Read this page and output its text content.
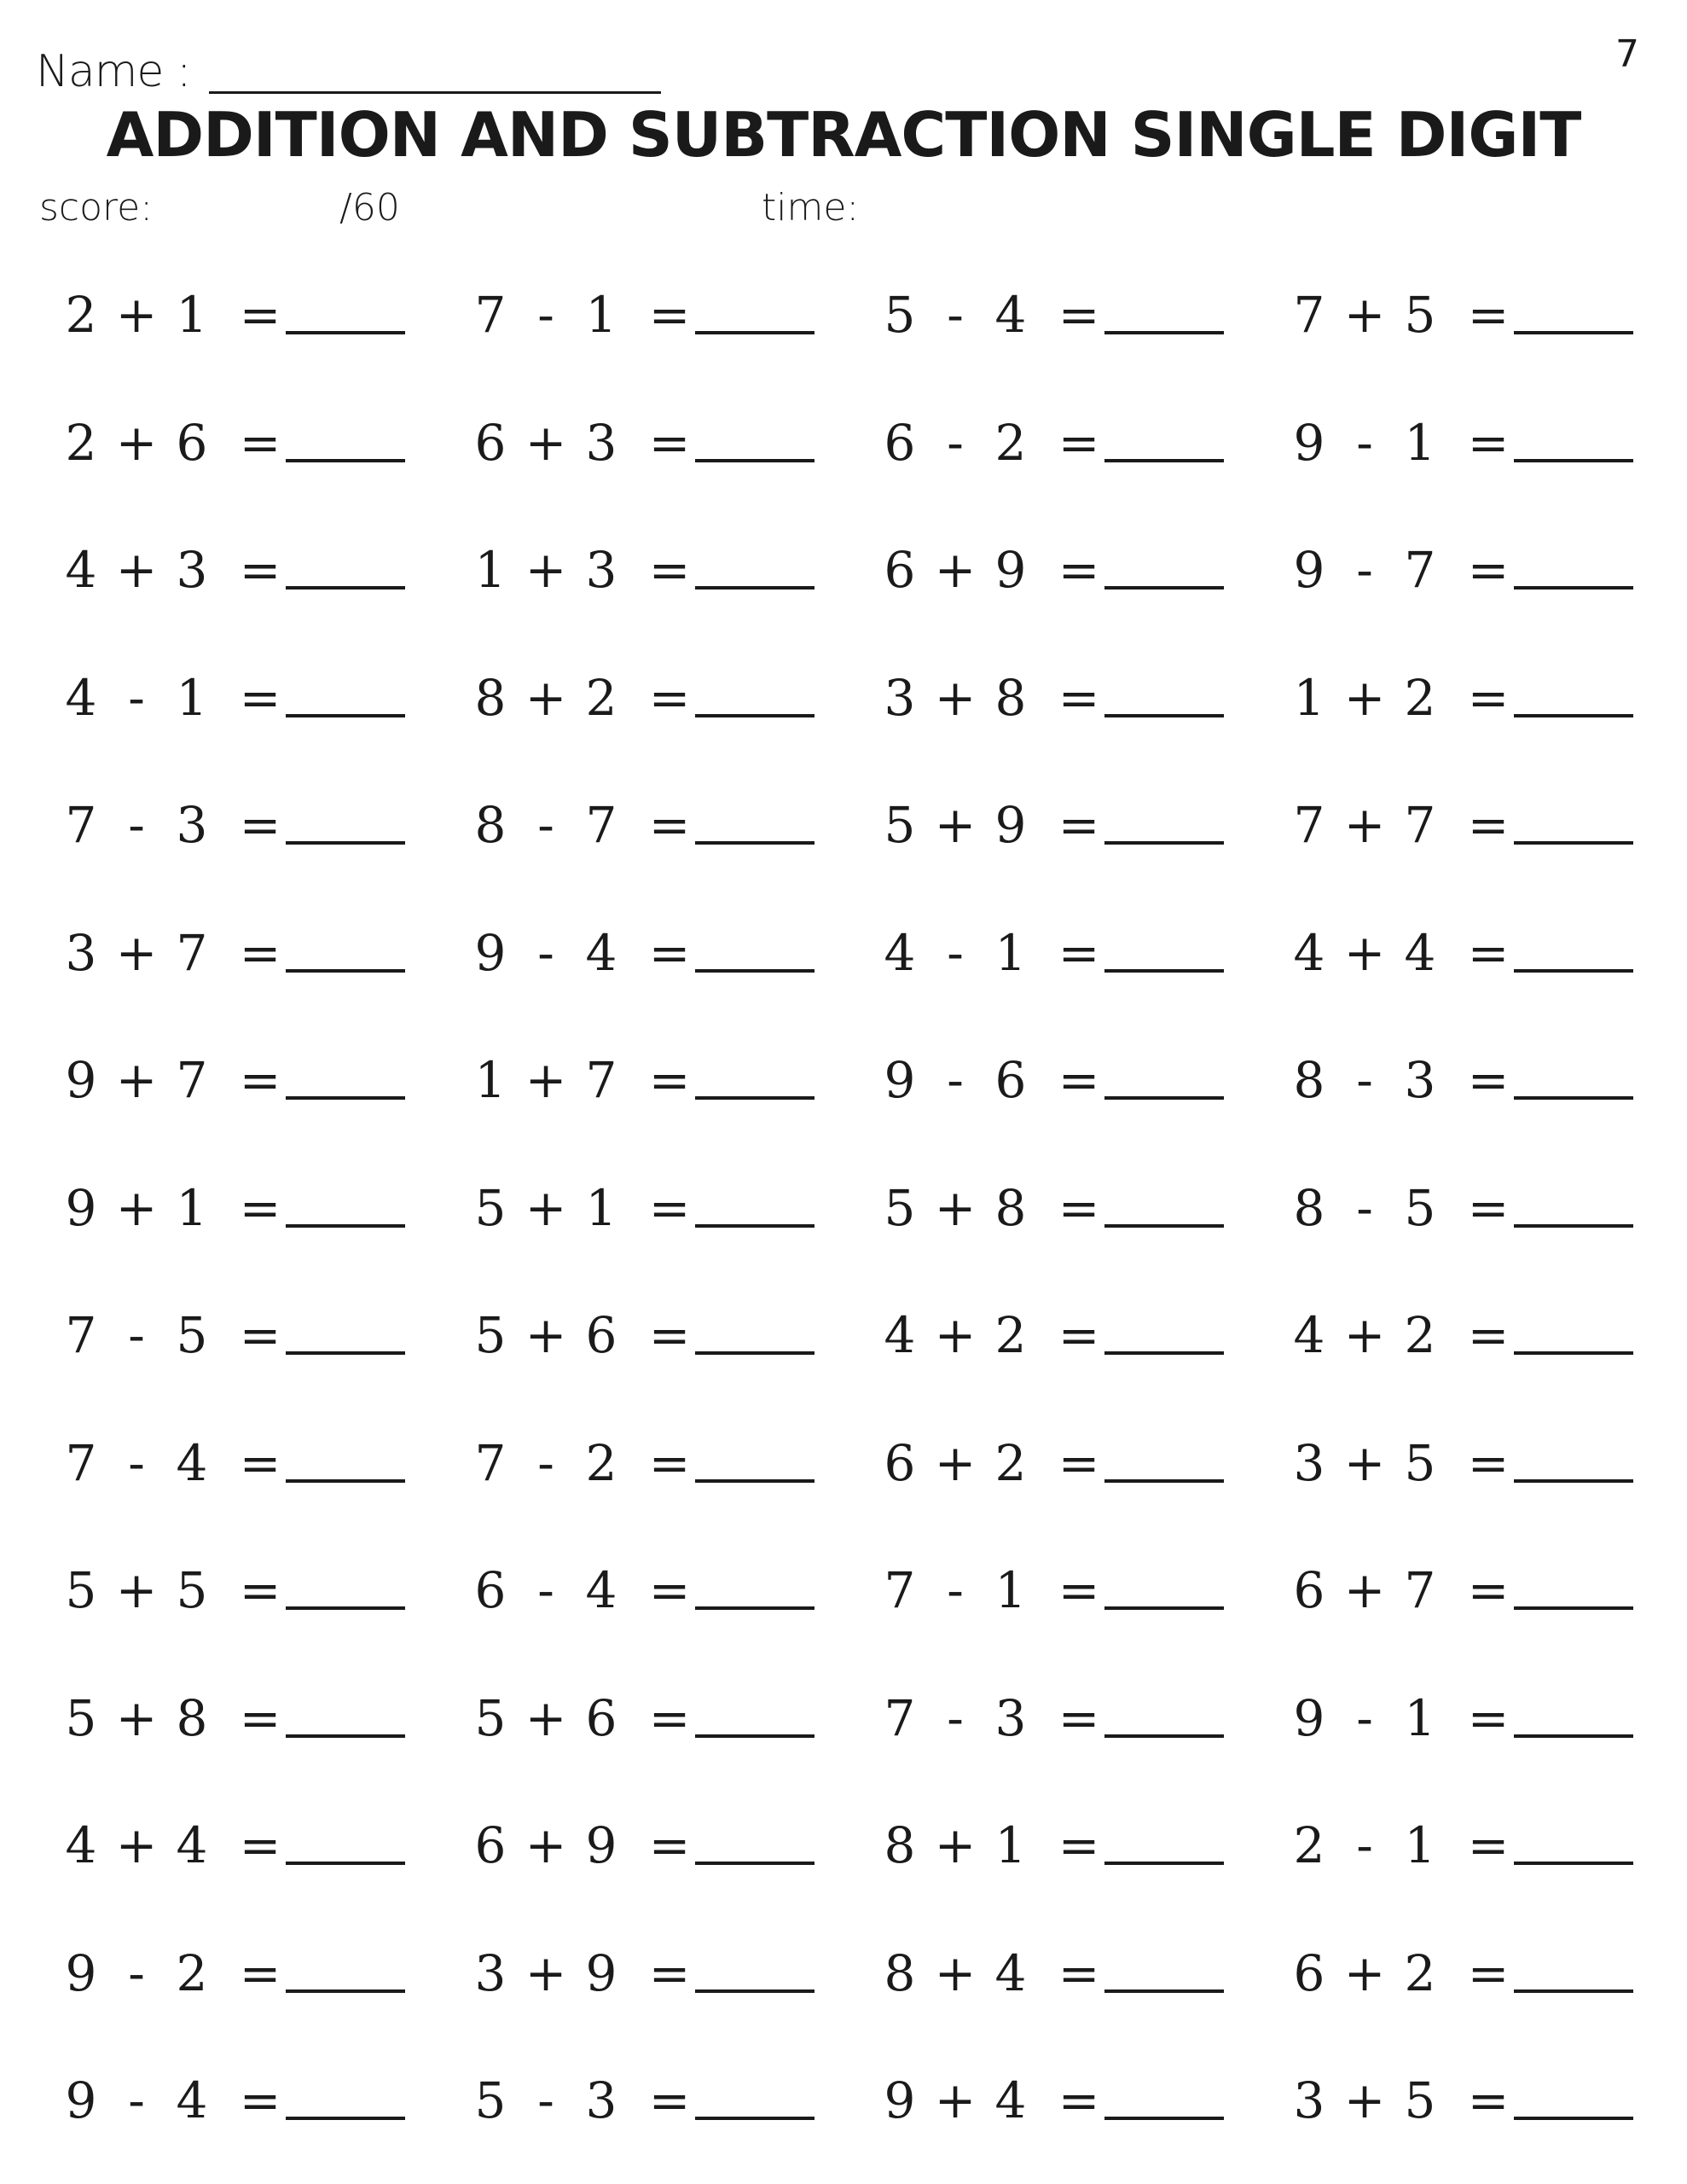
Name :	7
ADDITION AND SUBTRACTION SINGLE DIGIT
score:	/60	time:
2 + 1 =	7 - 1 =	5 - 4 =	7 + 5 =
2 + 6 =	6 + 3 =	6 - 2 =	9 - 1 =
4 + 3 =	1 + 3 =	6 + 9 =	9 - 7 =
4 - 1 =	8 + 2 =	3 + 8 =	1 + 2 =
7 - 3 =	8 - 7 =	5 + 9 =	7 + 7 =
3 + 7 =	9 - 4 =	4 - 1 =	4 + 4 =
9 + 7 =	1 + 7 =	9 - 6 =	8 - 3 =
9 + 1 =	5 + 1 =	5 + 8 =	8 - 5 =
7 - 5 =	5 + 6 =	4 + 2 =	4 + 2 =
7 - 4 =	7 - 2 =	6 + 2 =	3 + 5 =
5 + 5 =	6 - 4 =	7 - 1 =	6 + 7 =
5 + 8 =	5 + 6 =	7 - 3 =	9 - 1 =
4 + 4 =	6 + 9 =	8 + 1 =	2 - 1 =
9 - 2 =	3 + 9 =	8 + 4 =	6 + 2 =
9 - 4 =	5 - 3 =	9 + 4 =	3 + 5 =
